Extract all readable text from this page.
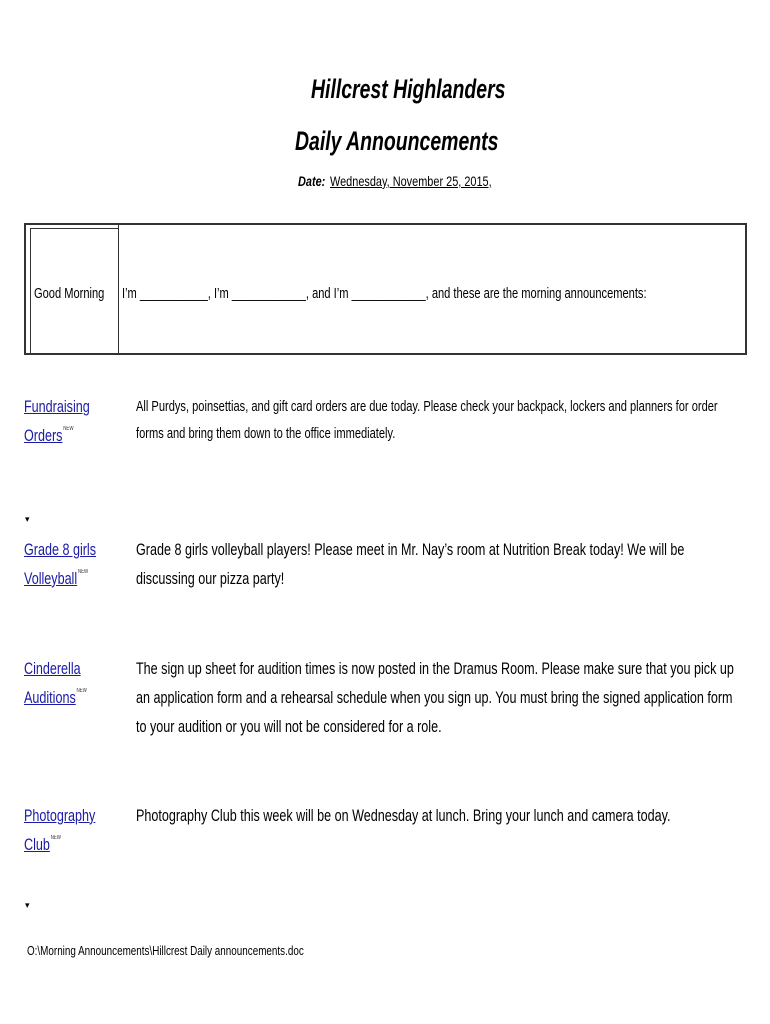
Hillcrest Highlanders
Daily Announcements
Date: Wednesday, November 25, 2015,
Good Morning	I’m ___________, I’m ____________, and I’m ____________, and these are the morning announcements:
Fundraising
Orders$^{NEW}$
All Purdys, poinsettias, and gift card orders are due today. Please check your backpack, lockers and planners for order
forms and bring them down to the office immediately.
▾
Grade 8 girls
Volleyball$^{NEW}$
Grade 8 girls volleyball players! Please meet in Mr. Nay’s room at Nutrition Break today! We will be
discussing our pizza party!
Cinderella
Auditions$^{NEW}$
The sign up sheet for audition times is now posted in the Dramus Room. Please make sure that you pick up
an application form and a rehearsal schedule when you sign up. You must bring the signed application form
to your audition or you will not be considered for a role.
Photography
Club$^{NEW}$
Photography Club this week will be on Wednesday at lunch. Bring your lunch and camera today.
▾
O:\Morning Announcements\Hillcrest Daily announcements.doc
